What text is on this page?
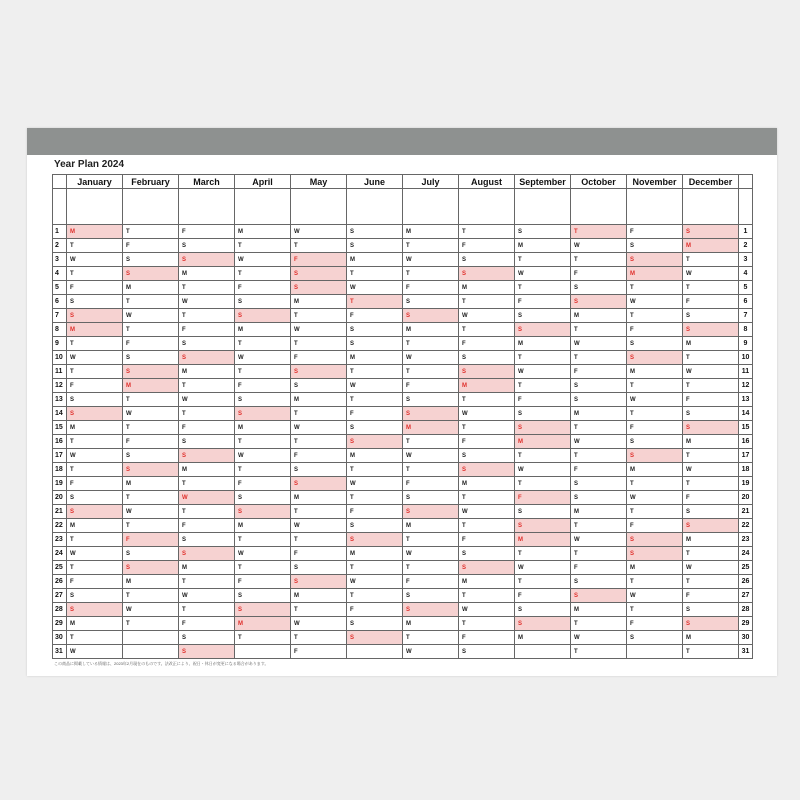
Year Plan 2024
	January	February	March	April	May	June	July	August	September	October	November	December	

1	M	T	F	M	W	S	M	T	S	T	F	S	1
2	T	F	S	T	T	S	T	F	M	W	S	M	2
3	W	S	S	W	F	M	W	S	T	T	S	T	3
4	T	S	M	T	S	T	T	S	W	F	M	W	4
5	F	M	T	F	S	W	F	M	T	S	T	T	5
6	S	T	W	S	M	T	S	T	F	S	W	F	6
7	S	W	T	S	T	F	S	W	S	M	T	S	7
8	M	T	F	M	W	S	M	T	S	T	F	S	8
9	T	F	S	T	T	S	T	F	M	W	S	M	9
10	W	S	S	W	F	M	W	S	T	T	S	T	10
11	T	S	M	T	S	T	T	S	W	F	M	W	11
12	F	M	T	F	S	W	F	M	T	S	T	T	12
13	S	T	W	S	M	T	S	T	F	S	W	F	13
14	S	W	T	S	T	F	S	W	S	M	T	S	14
15	M	T	F	M	W	S	M	T	S	T	F	S	15
16	T	F	S	T	T	S	T	F	M	W	S	M	16
17	W	S	S	W	F	M	W	S	T	T	S	T	17
18	T	S	M	T	S	T	T	S	W	F	M	W	18
19	F	M	T	F	S	W	F	M	T	S	T	T	19
20	S	T	W	S	M	T	S	T	F	S	W	F	20
21	S	W	T	S	T	F	S	W	S	M	T	S	21
22	M	T	F	M	W	S	M	T	S	T	F	S	22
23	T	F	S	T	T	S	T	F	M	W	S	M	23
24	W	S	S	W	F	M	W	S	T	T	S	T	24
25	T	S	M	T	S	T	T	S	W	F	M	W	25
26	F	M	T	F	S	W	F	M	T	S	T	T	26
27	S	T	W	S	M	T	S	T	F	S	W	F	27
28	S	W	T	S	T	F	S	W	S	M	T	S	28
29	M	T	F	M	W	S	M	T	S	T	F	S	29
30	T		S	T	T	S	T	F	M	W	S	M	30
31	W		S		F		W	S		T		T	31
この商品に掲載している情報は、2023年2月現在のものです。法改正により、祝日・休日が変更になる場合があります。
